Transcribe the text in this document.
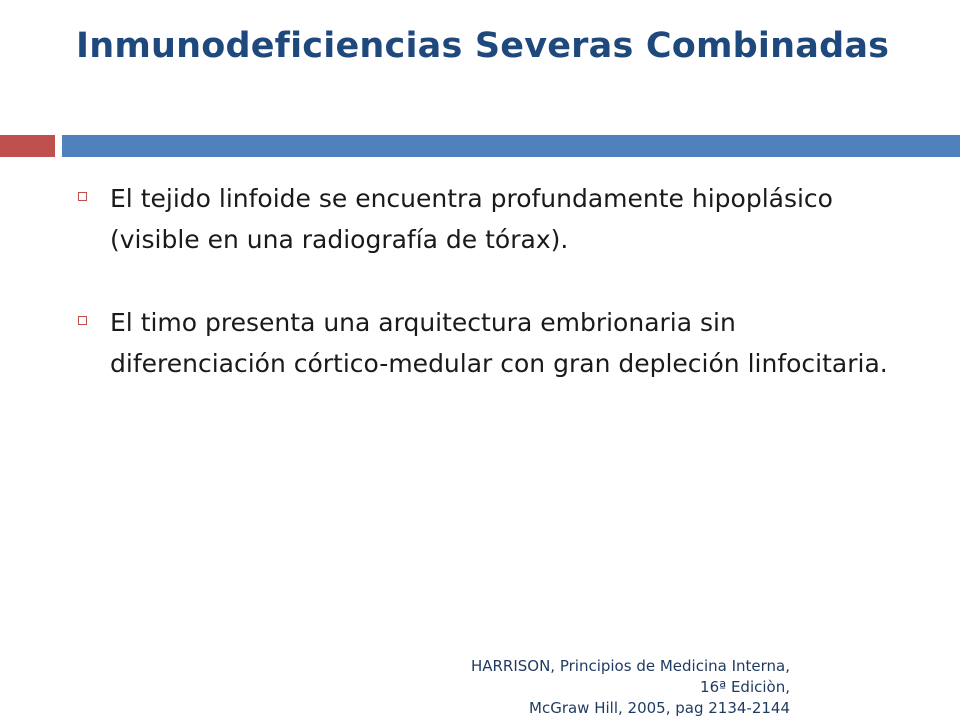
Inmunodeficiencias Severas Combinadas
El tejido linfoide se encuentra profundamente hipoplásico (visible en una radiografía de tórax).
El timo presenta una arquitectura embrionaria sin diferenciación córtico-medular con gran depleción linfocitaria.
HARRISON, Principios de Medicina Interna, 16ª Ediciòn,
McGraw Hill, 2005, pag 2134-2144
